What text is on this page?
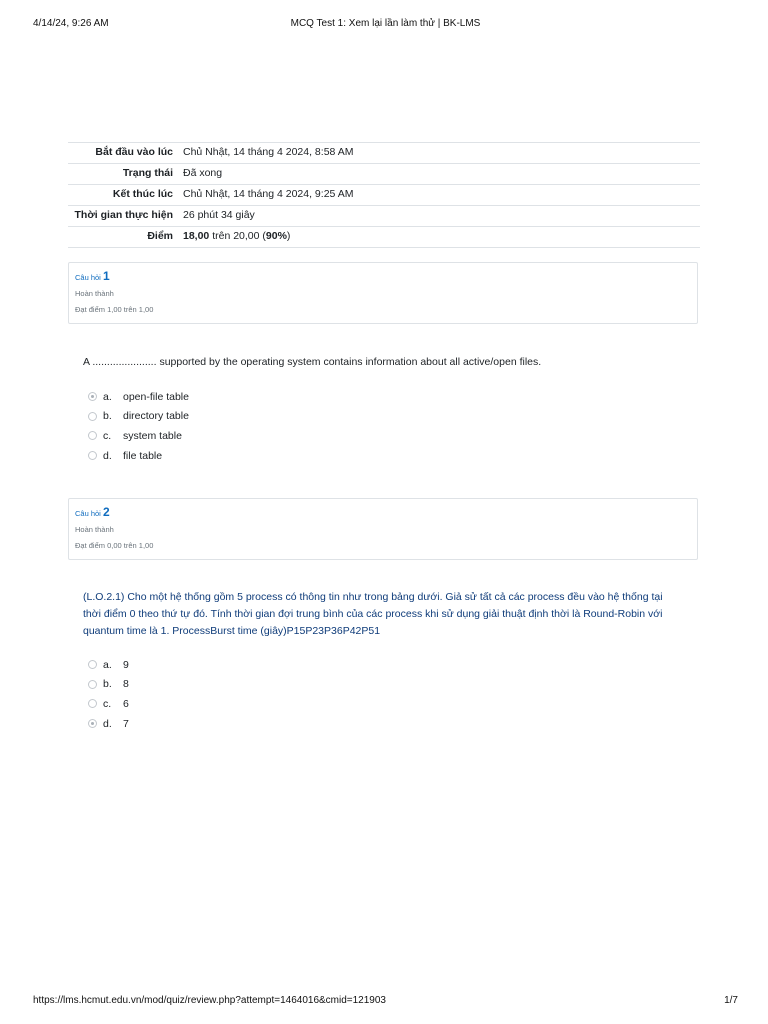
4/14/24, 9:26 AM	MCQ Test 1: Xem lại lần làm thử | BK-LMS
Bắt đầu vào lúc	Chủ Nhật, 14 tháng 4 2024, 8:58 AM
Trạng thái	Đã xong
Kết thúc lúc	Chủ Nhật, 14 tháng 4 2024, 9:25 AM
Thời gian thực hiện	26 phút 34 giây
Điểm	18,00 trên 20,00 (90%)
Câu hỏi 1
Hoàn thành
Đạt điểm 1,00 trên 1,00
A ...................... supported by the operating system contains information about all active/open files.
a.	open-file table
b.	directory table
c.	system table
d.	file table
Câu hỏi 2
Hoàn thành
Đạt điểm 0,00 trên 1,00
(L.O.2.1) Cho một hệ thống gồm 5 process có thông tin như trong bảng dưới. Giả sử tất cả các process đều vào hệ thống tại thời điểm 0 theo thứ tự đó. Tính thời gian đợi trung bình của các process khi sử dụng giải thuật định thời là Round-Robin với quantum time là 1. ProcessBurst time (giây)P15P23P36P42P51
a.	9
b.	8
c.	6
d.	7
https://lms.hcmut.edu.vn/mod/quiz/review.php?attempt=1464016&cmid=121903	1/7
